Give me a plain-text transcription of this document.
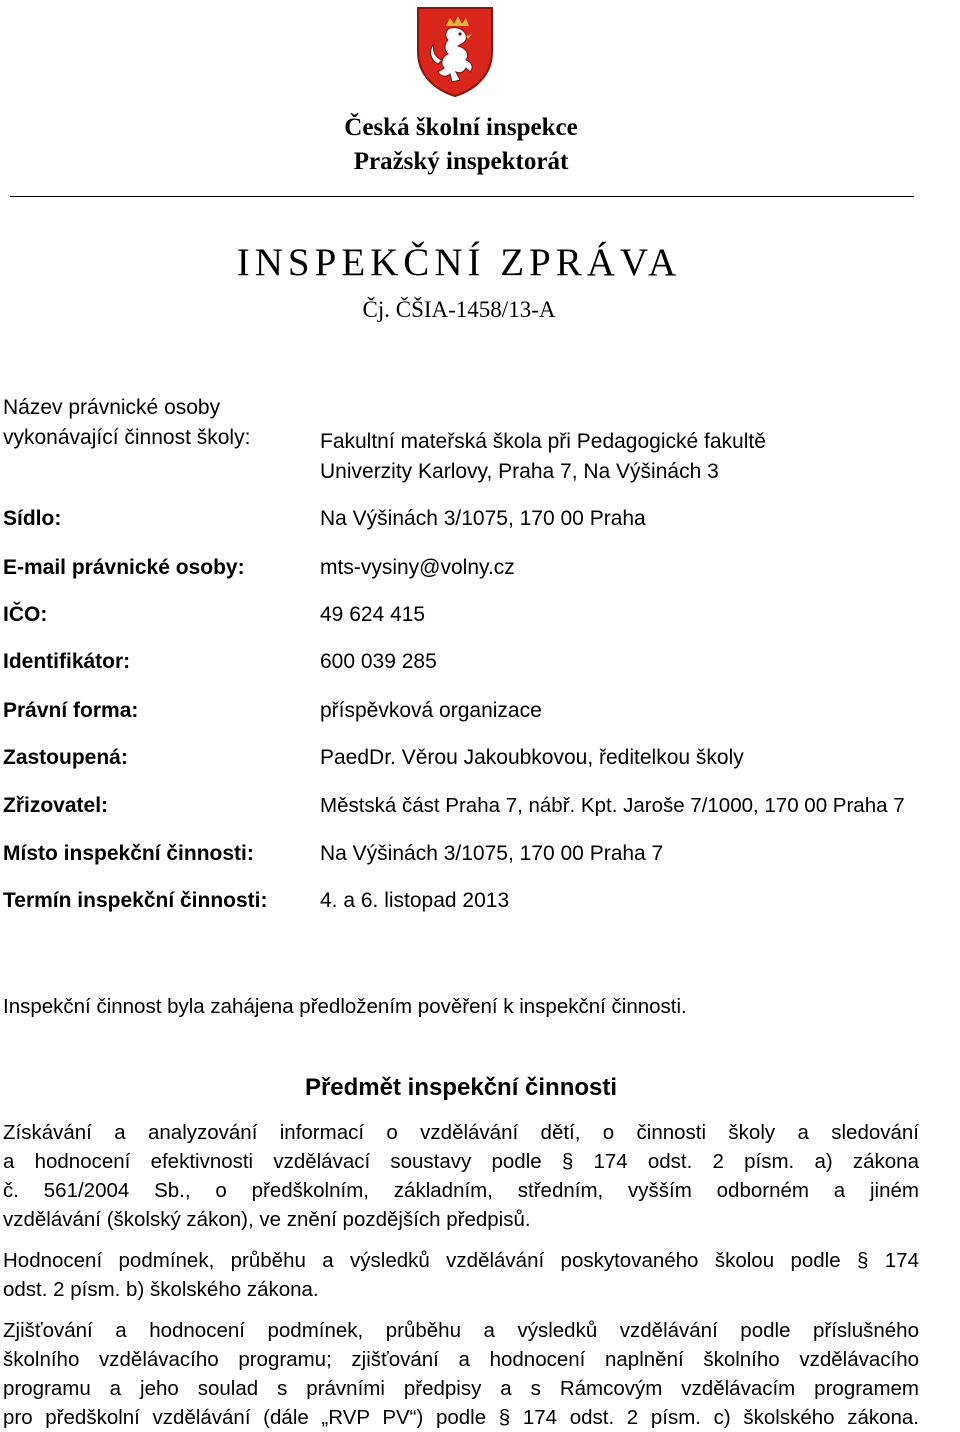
Česká školní inspekce
Pražský inspektorát
INSPEKČNÍ ZPRÁVA
Čj. ČŠIA-1458/13-A
Název právnické osoby
vykonávající činnost školy:	Fakultní mateřská škola při Pedagogické fakultě
Univerzity Karlovy, Praha 7, Na Výšinách 3
Sídlo:	Na Výšinách 3/1075, 170 00 Praha
E-mail právnické osoby:	mts-vysiny@volny.cz
IČO:	49 624 415
Identifikátor:	600 039 285
Právní forma:	příspěvková organizace
Zastoupená:	PaedDr. Věrou Jakoubkovou, ředitelkou školy
Zřizovatel:	Městská část Praha 7, nábř. Kpt. Jaroše 7/1000, 170 00 Praha 7
Místo inspekční činnosti:	Na Výšinách 3/1075, 170 00 Praha 7
Termín inspekční činnosti:	4. a 6. listopad 2013
Inspekční činnost byla zahájena předložením pověření k inspekční činnosti.
Předmět inspekční činnosti
Získávání a analyzování informací o vzdělávání dětí, o činnosti školy a sledování
a hodnocení efektivnosti vzdělávací soustavy podle § 174 odst. 2 písm. a) zákona
č. 561/2004 Sb., o předškolním, základním, středním, vyšším odborném a jiném
vzdělávání (školský zákon), ve znění pozdějších předpisů.
Hodnocení podmínek, průběhu a výsledků vzdělávání poskytovaného školou podle § 174
odst. 2 písm. b) školského zákona.
Zjišťování a hodnocení podmínek, průběhu a výsledků vzdělávání podle příslušného
školního vzdělávacího programu; zjišťování a hodnocení naplnění školního vzdělávacího
programu a jeho soulad s právními předpisy a s Rámcovým vzdělávacím programem
pro předškolní vzdělávání (dále „RVP PV“) podle § 174 odst. 2 písm. c) školského zákona.
